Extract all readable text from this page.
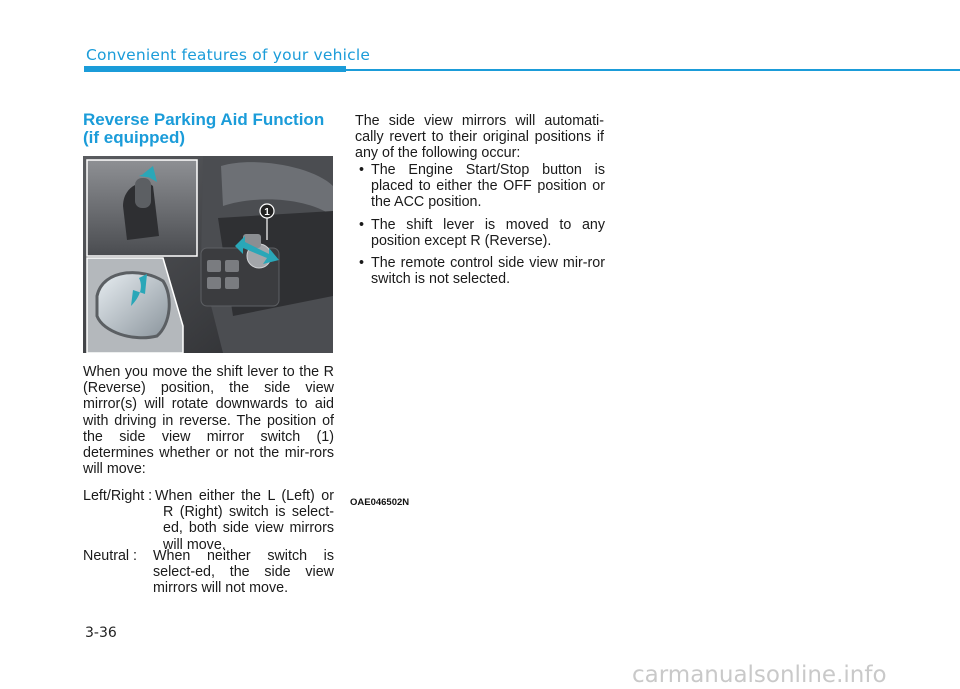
Convenient features of your vehicle
Reverse Parking Aid Function (if equipped)
1
OAE046502N
When you move the shift lever to the R (Reverse) position, the side view mirror(s) will rotate downwards to aid with driving in reverse. The position of the side view mirror switch (1) determines whether or not the mir-rors will move:
Left/Right : When either the L (Left) or R (Right) switch is select-ed, both side view mirrors will move.
Neutral : When neither switch is select-ed, the side view mirrors will not move.
The side view mirrors will automati-cally revert to their original positions if any of the following occur:
• The Engine Start/Stop button is placed to either the OFF position or the ACC position.
• The shift lever is moved to any position except R (Reverse).
• The remote control side view mir-ror switch is not selected.
3-36
carmanualsonline.info
